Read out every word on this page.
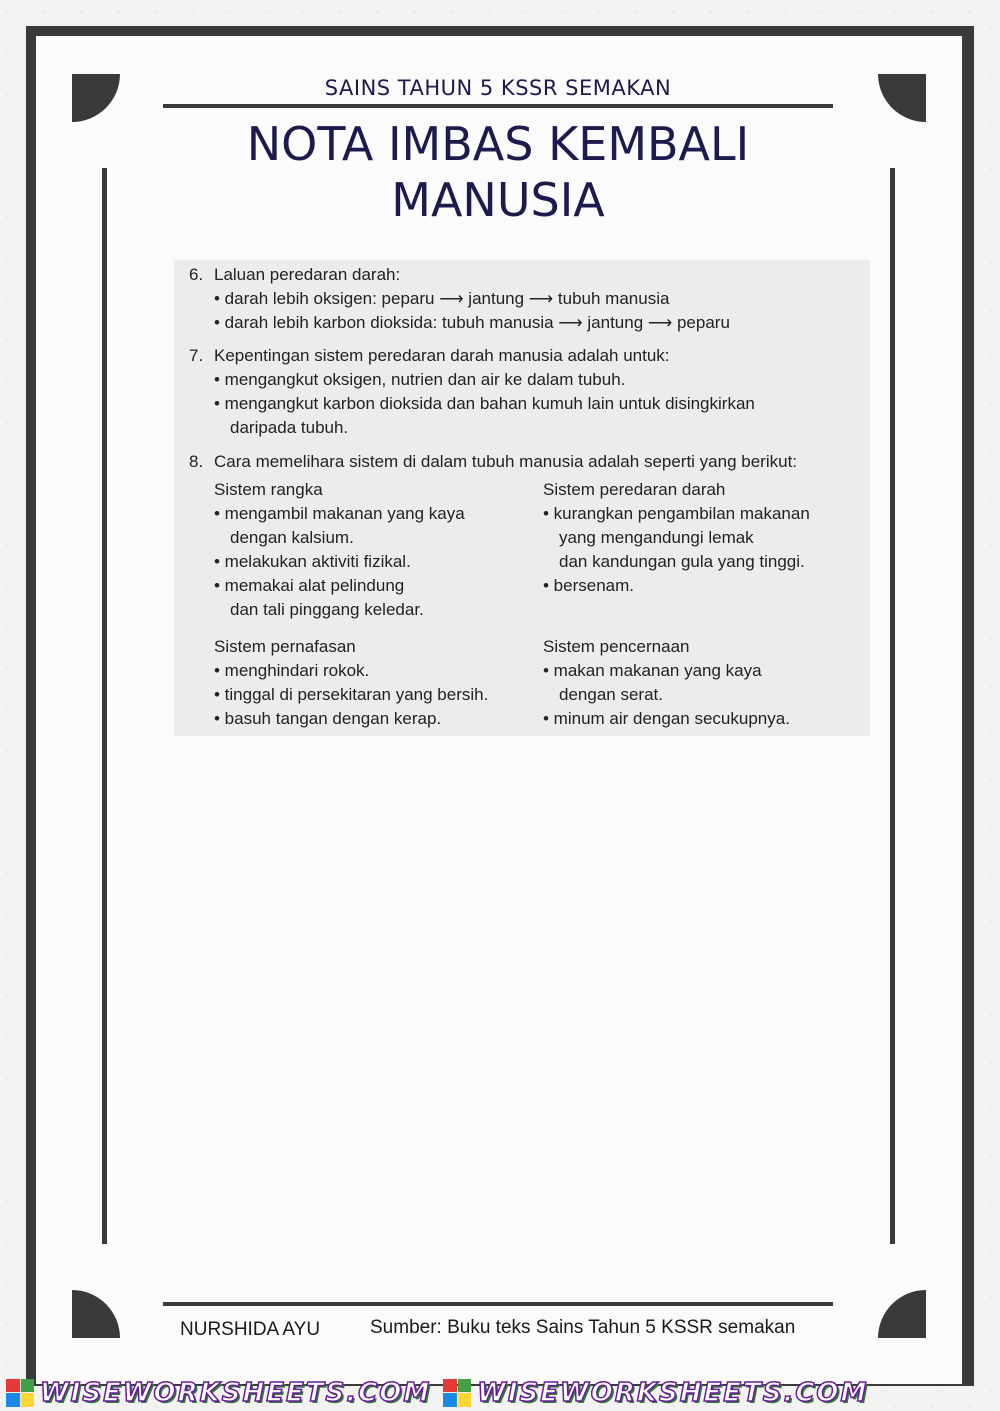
SAINS TAHUN 5 KSSR SEMAKAN
NOTA IMBAS KEMBALI
MANUSIA
6. Laluan peredaran darah:
• darah lebih oksigen: peparu ⟶ jantung ⟶ tubuh manusia
• darah lebih karbon dioksida: tubuh manusia ⟶ jantung ⟶ peparu
7. Kepentingan sistem peredaran darah manusia adalah untuk:
• mengangkut oksigen, nutrien dan air ke dalam tubuh.
• mengangkut karbon dioksida dan bahan kumuh lain untuk disingkirkan
daripada tubuh.
8. Cara memelihara sistem di dalam tubuh manusia adalah seperti yang berikut:
Sistem rangka
• mengambil makanan yang kaya
dengan kalsium.
• melakukan aktiviti fizikal.
• memakai alat pelindung
dan tali pinggang keledar.
Sistem peredaran darah
• kurangkan pengambilan makanan
yang mengandungi lemak
dan kandungan gula yang tinggi.
• bersenam.
Sistem pernafasan
• menghindari rokok.
• tinggal di persekitaran yang bersih.
• basuh tangan dengan kerap.
Sistem pencernaan
• makan makanan yang kaya
dengan serat.
• minum air dengan secukupnya.
NURSHIDA AYU	Sumber: Buku teks Sains Tahun 5 KSSR semakan
WISEWORKSHEETS.COM WISEWORKSHEETS.COM
